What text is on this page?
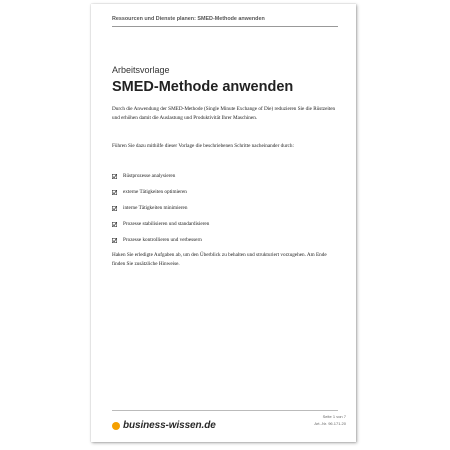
Ressourcen und Dienste planen: SMED-Methode anwenden
Arbeitsvorlage
SMED-Methode anwenden

Durch die Anwendung der SMED-Methode (Single Minute Exchange of Die) reduzieren Sie die Rüstzeiten und erhöhen damit die Auslastung und Produktivität Ihrer Maschinen.

Führen Sie dazu mithilfe dieser Vorlage die beschriebenen Schritte nacheinander durch:

Rüstprozesse analysieren
externe Tätigkeiten optimieren
interne Tätigkeiten minimieren
Prozesse stabilisieren und standardisieren
Prozesse kontrollieren und verbessern

Haken Sie erledigte Aufgaben ab, um den Überblick zu behalten und strukturiert vorzugehen. Am Ende finden Sie zusätzliche Hinweise.

business-wissen.de
Seite 1 von 7
Art.-Nr. 96.171.20
